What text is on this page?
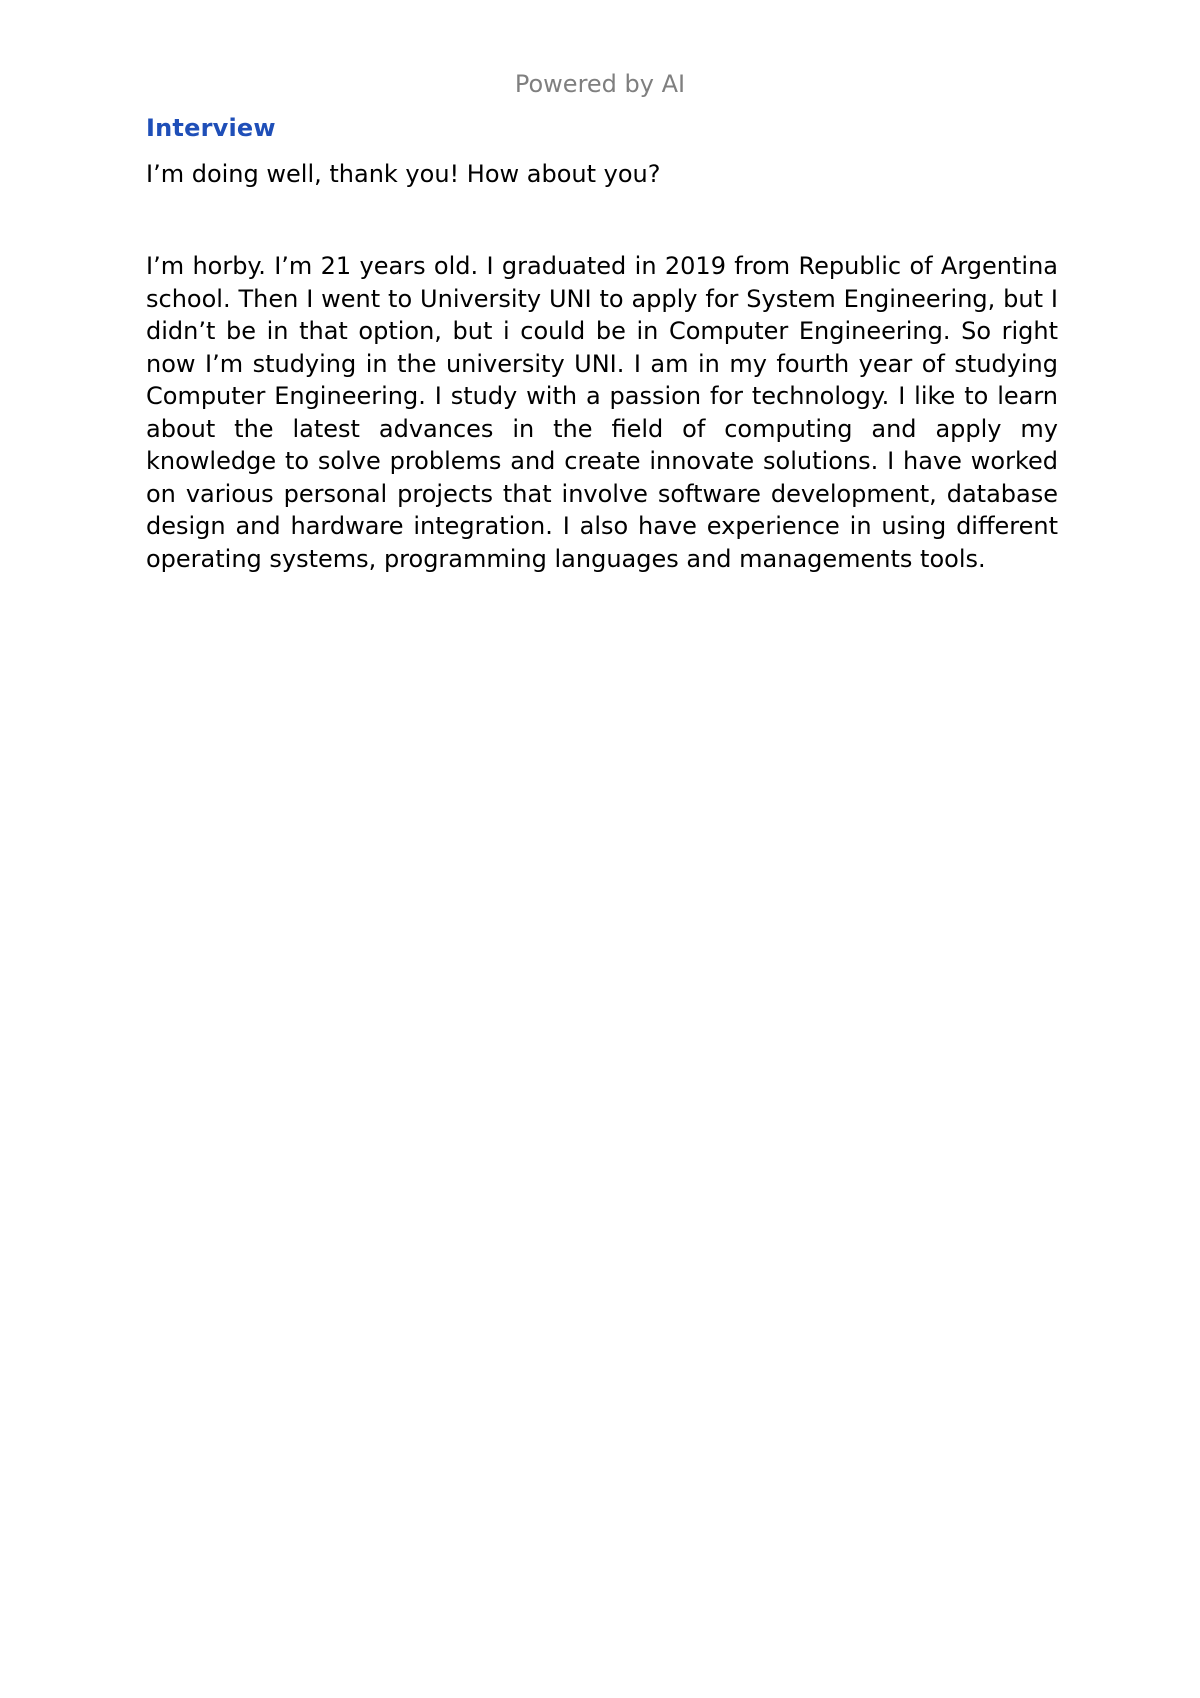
Powered by AI
Interview

I’m doing well, thank you! How about you?

I’m horby. I’m 21 years old. I graduated in 2019 from Republic of Argentina school. Then I went to University UNI to apply for System Engineering, but I didn’t be in that option, but i could be in Computer Engineering. So right now I’m studying in the university UNI. I am in my fourth year of studying Computer Engineering. I study with a passion for technology. I like to learn about the latest advances in the field of computing and apply my knowledge to solve problems and create innovate solutions. I have worked on various personal projects that involve software development, database design and hardware integration. I also have experience in using different operating systems, programming languages and managements tools.
